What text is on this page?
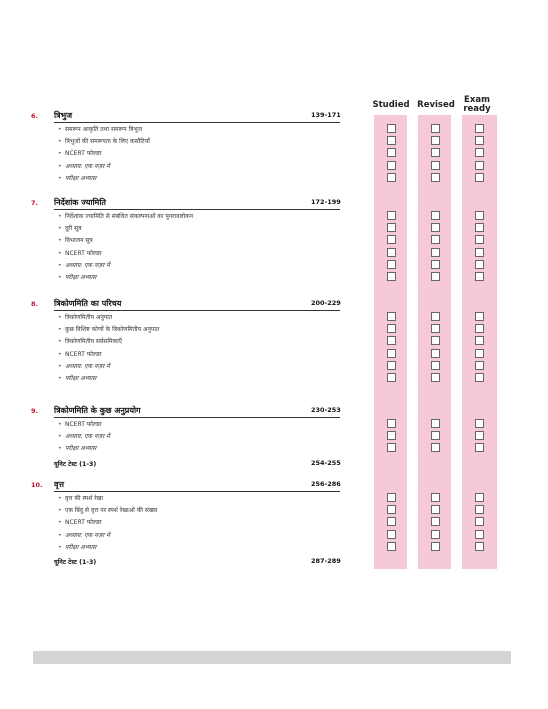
Studied Revised	Exam ready
6. त्रिभुज	139-171
• समरूप आकृति तथा समरूप त्रिभुज
• त्रिभुजों की समरूपता के लिए कसौटियाँ
• NCERT फोल्डर
• अध्याय: एक नज़र में
• परीक्षा अभ्यास
7. निर्देशांक ज्यामिति	172-199
• निर्देशांक ज्यामिति से संबंधित संकल्पनाओं का पुनरावलोकन
• दूरी सूत्र
• विभाजन सूत्र
• NCERT फोल्डर
• अध्याय: एक नज़र में
• परीक्षा अभ्यास
8. त्रिकोणमिति का परिचय	200-229
• त्रिकोणमितीय अनुपात
• कुछ विशिष्ट कोणों के त्रिकोणमितीय अनुपात
• त्रिकोणमितीय सर्वसमिकाएँ
• NCERT फोल्डर
• अध्याय: एक नज़र में
• परीक्षा अभ्यास
9. त्रिकोणमिति के कुछ अनुप्रयोग	230-253
• NCERT फोल्डर
• अध्याय: एक नज़र में
• परीक्षा अभ्यास
यूनिट टेस्ट (1-3)	254-255
10. वृत्त	256-286
• वृत्त की स्पर्श रेखा
• एक बिंदु से वृत्त पर स्पर्श रेखाओं की संख्या
• NCERT फोल्डर
• अध्याय: एक नज़र में
• परीक्षा अभ्यास
यूनिट टेस्ट (1-3)	287-289
